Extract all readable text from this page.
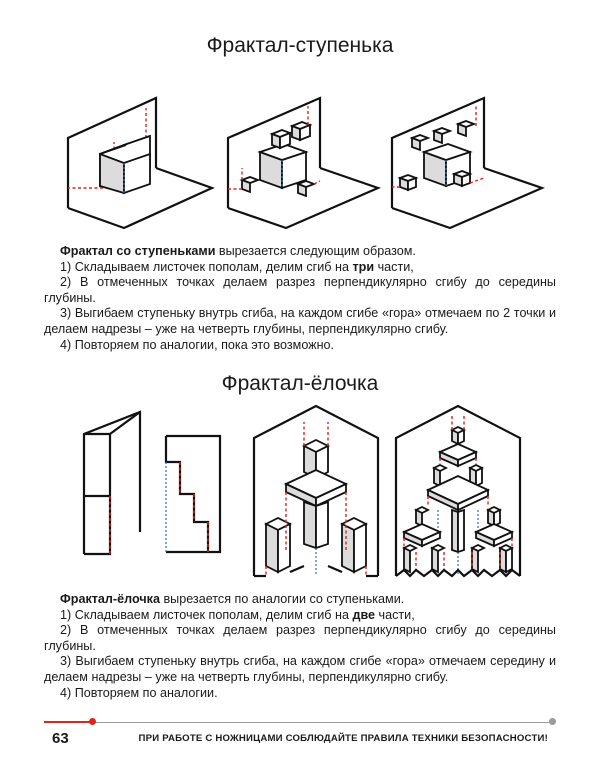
Фрактал-ступенька
Фрактал со ступеньками вырезается следующим образом.
1) Складываем листочек пополам, делим сгиб на три части,
2) В отмеченных точках делаем разрез перпендикулярно сгибу до середины глубины.
3) Выгибаем ступеньку внутрь сгиба, на каждом сгибе «гора» отмечаем по 2 точки и делаем надрезы – уже на четверть глубины, перпендикулярно сгибу.
4) Повторяем по аналогии, пока это возможно.
Фрактал-ёлочка
Фрактал-ёлочка вырезается по аналогии со ступеньками.
1) Складываем листочек пополам, делим сгиб на две части,
2) В отмеченных точках делаем разрез перпендикулярно сгибу до середины глубины.
3) Выгибаем ступеньку внутрь сгиба, на каждом сгибе «гора» отмечаем середину и делаем надрезы – уже на четверть глубины, перпендикулярно сгибу.
4) Повторяем по аналогии.
63	ПРИ РАБОТЕ С НОЖНИЦАМИ СОБЛЮДАЙТЕ ПРАВИЛА ТЕХНИКИ БЕЗОПАСНОСТИ!
